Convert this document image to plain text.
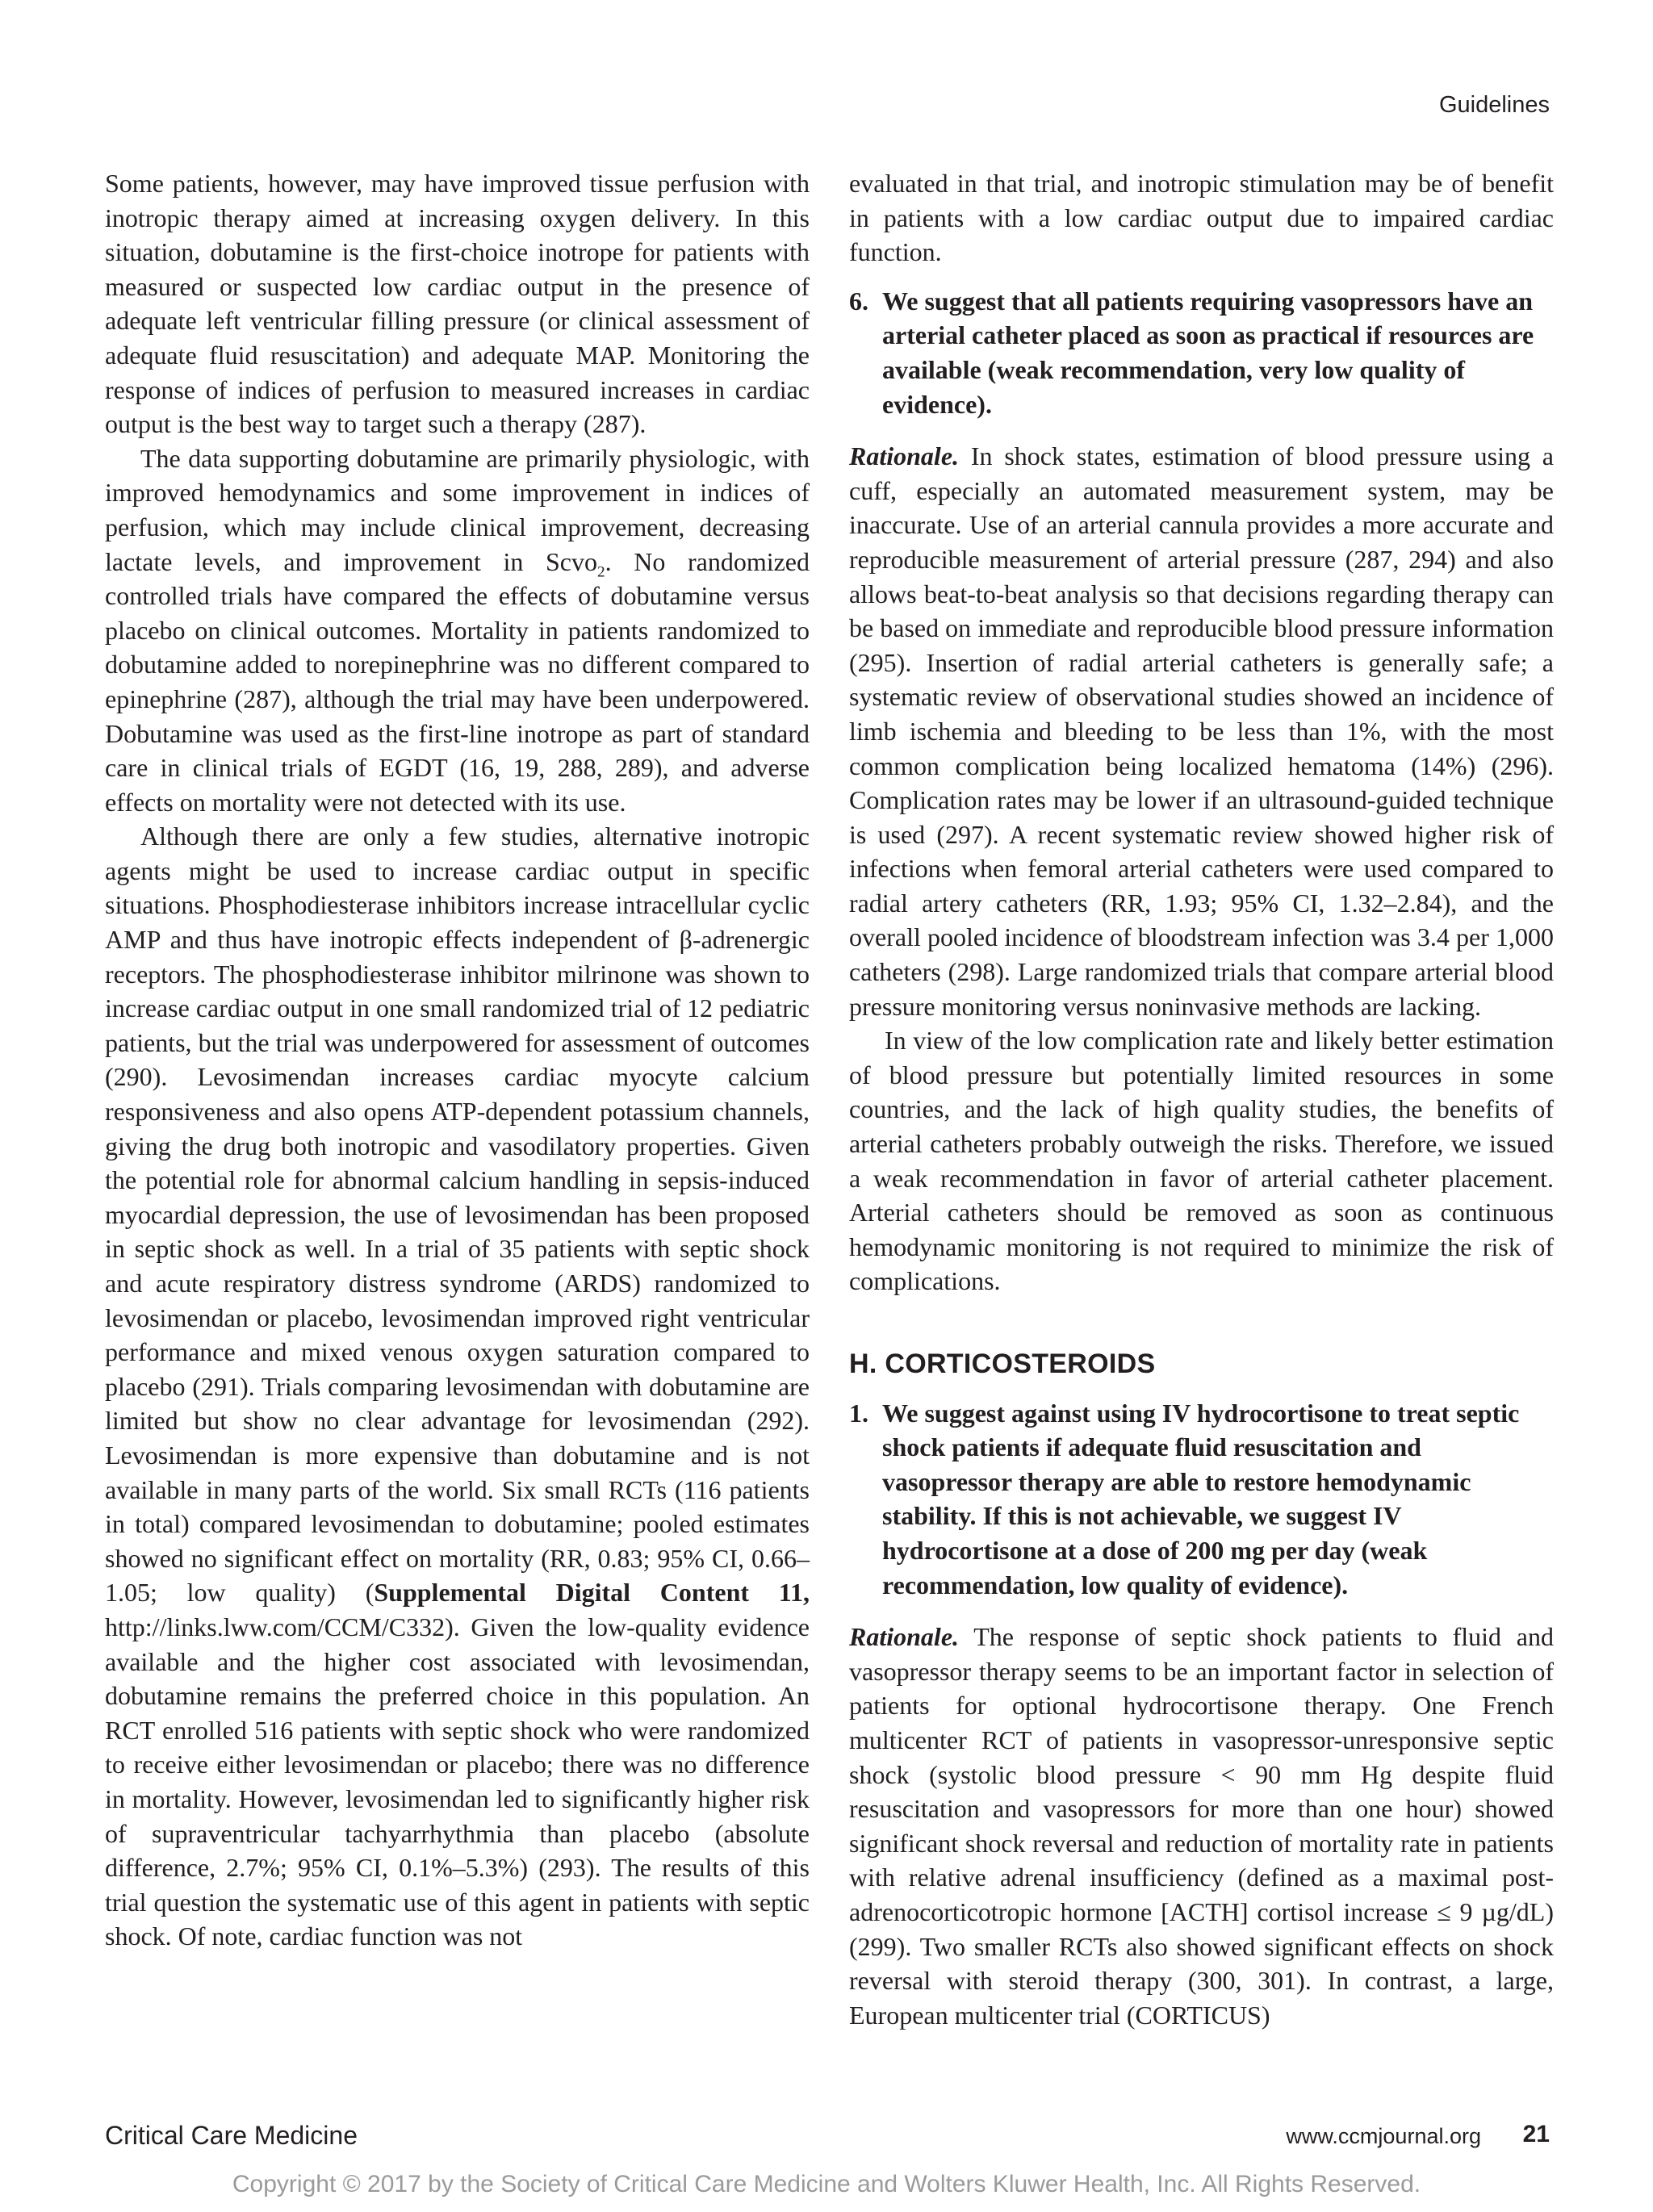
Guidelines

Some patients, however, may have improved tissue perfusion with inotropic therapy aimed at increasing oxygen delivery. In this situation, dobutamine is the first-choice inotrope for patients with measured or suspected low cardiac output in the presence of adequate left ventricular filling pressure (or clinical assessment of adequate fluid resuscitation) and adequate MAP. Monitoring the response of indices of perfusion to measured increases in cardiac output is the best way to target such a therapy (287).

The data supporting dobutamine are primarily physiologic, with improved hemodynamics and some improvement in indices of perfusion, which may include clinical improvement, decreasing lactate levels, and improvement in Scvo$_2$. No randomized controlled trials have compared the effects of dobutamine versus placebo on clinical outcomes. Mortality in patients randomized to dobutamine added to norepinephrine was no different compared to epinephrine (287), although the trial may have been underpowered. Dobutamine was used as the first-line inotrope as part of standard care in clinical trials of EGDT (16, 19, 288, 289), and adverse effects on mortality were not detected with its use.

Although there are only a few studies, alternative inotropic agents might be used to increase cardiac output in specific situations. Phosphodiesterase inhibitors increase intracellular cyclic AMP and thus have inotropic effects independent of β-adrenergic receptors. The phosphodiesterase inhibitor milrinone was shown to increase cardiac output in one small randomized trial of 12 pediatric patients, but the trial was underpowered for assessment of outcomes (290). Levosimendan increases cardiac myocyte calcium responsiveness and also opens ATP-dependent potassium channels, giving the drug both inotropic and vasodilatory properties. Given the potential role for abnormal calcium handling in sepsis-induced myocardial depression, the use of levosimendan has been proposed in septic shock as well. In a trial of 35 patients with septic shock and acute respiratory distress syndrome (ARDS) randomized to levosimendan or placebo, levosimendan improved right ventricular performance and mixed venous oxygen saturation compared to placebo (291). Trials comparing levosimendan with dobutamine are limited but show no clear advantage for levosimendan (292). Levosimendan is more expensive than dobutamine and is not available in many parts of the world. Six small RCTs (116 patients in total) compared levosimendan to dobutamine; pooled estimates showed no significant effect on mortality (RR, 0.83; 95% CI, 0.66–1.05; low quality) (Supplemental Digital Content 11, http://links.lww.com/CCM/C332). Given the low-quality evidence available and the higher cost associated with levosimendan, dobutamine remains the preferred choice in this population. An RCT enrolled 516 patients with septic shock who were randomized to receive either levosimendan or placebo; there was no difference in mortality. However, levosimendan led to significantly higher risk of supraventricular tachyarrhythmia than placebo (absolute difference, 2.7%; 95% CI, 0.1%–5.3%) (293). The results of this trial question the systematic use of this agent in patients with septic shock. Of note, cardiac function was not

evaluated in that trial, and inotropic stimulation may be of benefit in patients with a low cardiac output due to impaired cardiac function.

6. We suggest that all patients requiring vasopressors have an arterial catheter placed as soon as practical if resources are available (weak recommendation, very low quality of evidence).

Rationale. In shock states, estimation of blood pressure using a cuff, especially an automated measurement system, may be inaccurate. Use of an arterial cannula provides a more accurate and reproducible measurement of arterial pressure (287, 294) and also allows beat-to-beat analysis so that decisions regarding therapy can be based on immediate and reproducible blood pressure information (295). Insertion of radial arterial catheters is generally safe; a systematic review of observational studies showed an incidence of limb ischemia and bleeding to be less than 1%, with the most common complication being localized hematoma (14%) (296). Complication rates may be lower if an ultrasound-guided technique is used (297). A recent systematic review showed higher risk of infections when femoral arterial catheters were used compared to radial artery catheters (RR, 1.93; 95% CI, 1.32–2.84), and the overall pooled incidence of bloodstream infection was 3.4 per 1,000 catheters (298). Large randomized trials that compare arterial blood pressure monitoring versus noninvasive methods are lacking.

In view of the low complication rate and likely better estimation of blood pressure but potentially limited resources in some countries, and the lack of high quality studies, the benefits of arterial catheters probably outweigh the risks. Therefore, we issued a weak recommendation in favor of arterial catheter placement. Arterial catheters should be removed as soon as continuous hemodynamic monitoring is not required to minimize the risk of complications.

H. CORTICOSTEROIDS
1. We suggest against using IV hydrocortisone to treat septic shock patients if adequate fluid resuscitation and vasopressor therapy are able to restore hemodynamic stability. If this is not achievable, we suggest IV hydrocortisone at a dose of 200 mg per day (weak recommendation, low quality of evidence).

Rationale. The response of septic shock patients to fluid and vasopressor therapy seems to be an important factor in selection of patients for optional hydrocortisone therapy. One French multicenter RCT of patients in vasopressor-unresponsive septic shock (systolic blood pressure < 90 mm Hg despite fluid resuscitation and vasopressors for more than one hour) showed significant shock reversal and reduction of mortality rate in patients with relative adrenal insufficiency (defined as a maximal post-adrenocorticotropic hormone [ACTH] cortisol increase ≤ 9 µg/dL) (299). Two smaller RCTs also showed significant effects on shock reversal with steroid therapy (300, 301). In contrast, a large, European multicenter trial (CORTICUS)

Critical Care Medicine	www.ccmjournal.org 21
Copyright © 2017 by the Society of Critical Care Medicine and Wolters Kluwer Health, Inc. All Rights Reserved.
